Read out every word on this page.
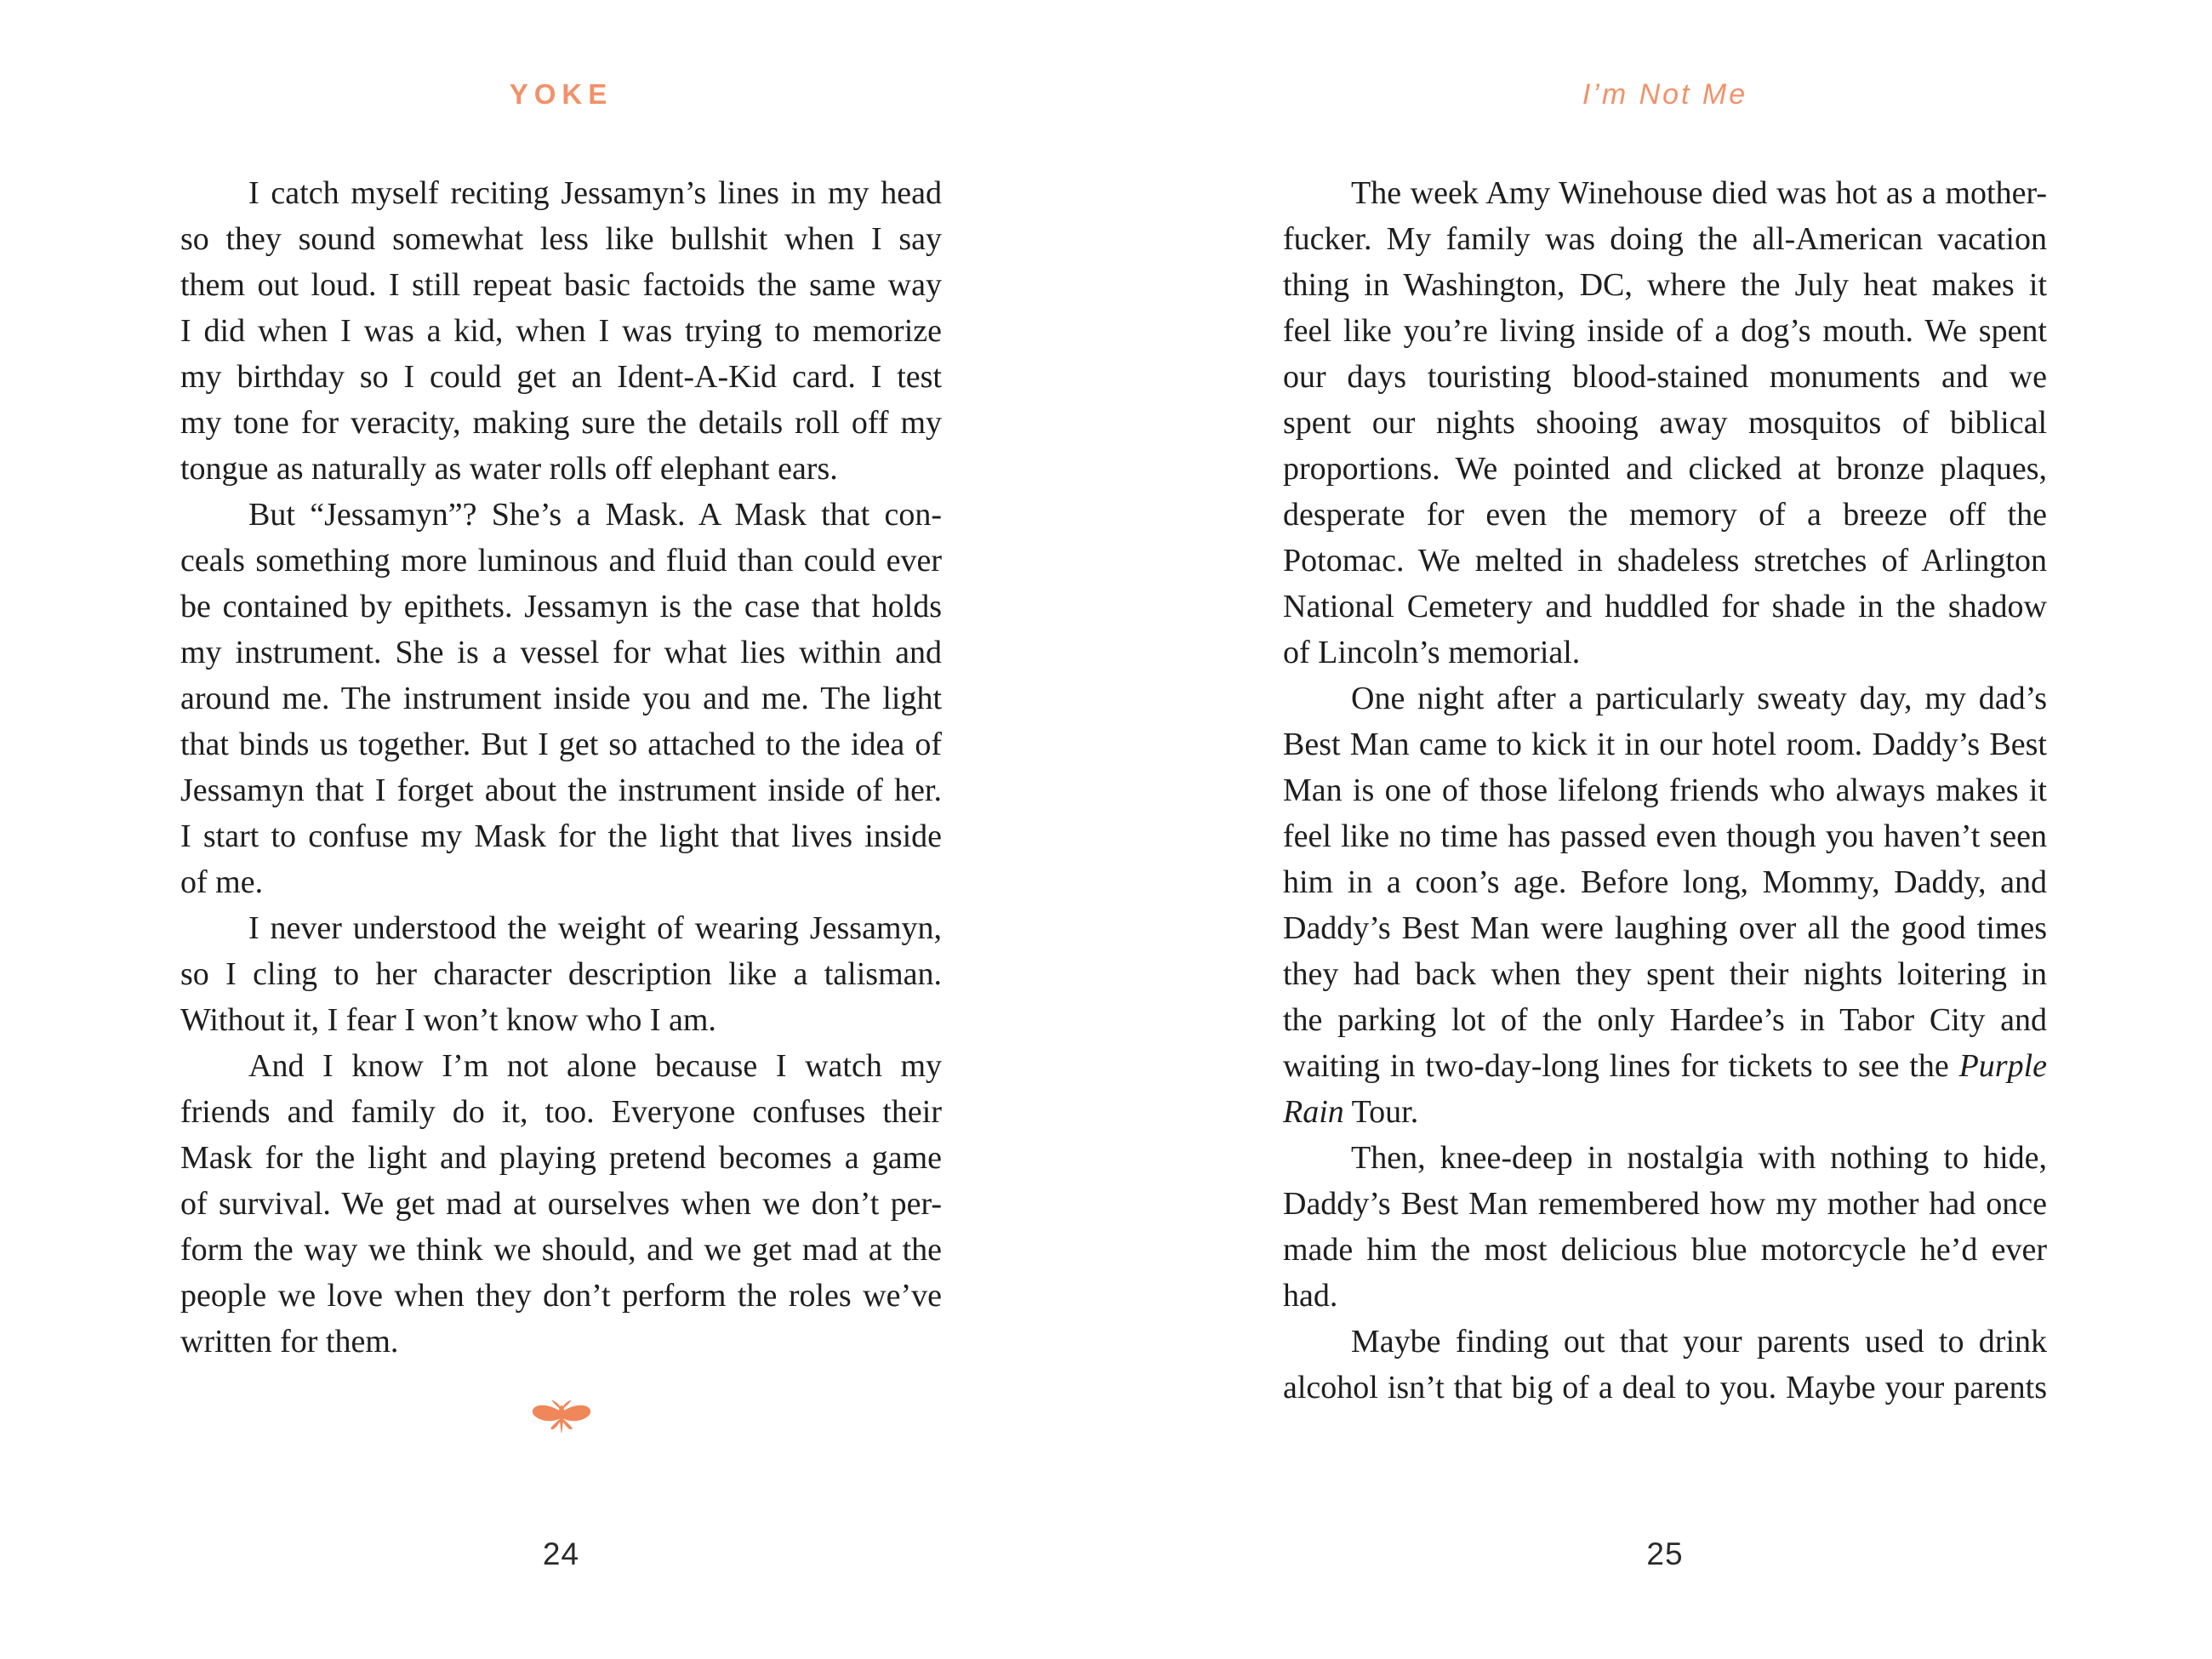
YOKE
I catch myself reciting Jessamyn’s lines in my head
so they sound somewhat less like bullshit when I say
them out loud. I still repeat basic factoids the same way
I did when I was a kid, when I was trying to memorize
my birthday so I could get an Ident-A-Kid card. I test
my tone for veracity, making sure the details roll off my
tongue as naturally as water rolls off elephant ears.
But “Jessamyn”? She’s a Mask. A Mask that con-
ceals something more luminous and fluid than could ever
be contained by epithets. Jessamyn is the case that holds
my instrument. She is a vessel for what lies within and
around me. The instrument inside you and me. The light
that binds us together. But I get so attached to the idea of
Jessamyn that I forget about the instrument inside of her.
I start to confuse my Mask for the light that lives inside
of me.
I never understood the weight of wearing Jessamyn,
so I cling to her character description like a talisman.
Without it, I fear I won’t know who I am.
And I know I’m not alone because I watch my
friends and family do it, too. Everyone confuses their
Mask for the light and playing pretend becomes a game
of survival. We get mad at ourselves when we don’t per-
form the way we think we should, and we get mad at the
people we love when they don’t perform the roles we’ve
written for them.
24
I’m Not Me
The week Amy Winehouse died was hot as a mother-
fucker. My family was doing the all-American vacation
thing in Washington, DC, where the July heat makes it
feel like you’re living inside of a dog’s mouth. We spent
our days touristing blood-stained monuments and we
spent our nights shooing away mosquitos of biblical
proportions. We pointed and clicked at bronze plaques,
desperate for even the memory of a breeze off the
Potomac. We melted in shadeless stretches of Arlington
National Cemetery and huddled for shade in the shadow
of Lincoln’s memorial.
One night after a particularly sweaty day, my dad’s
Best Man came to kick it in our hotel room. Daddy’s Best
Man is one of those lifelong friends who always makes it
feel like no time has passed even though you haven’t seen
him in a coon’s age. Before long, Mommy, Daddy, and
Daddy’s Best Man were laughing over all the good times
they had back when they spent their nights loitering in
the parking lot of the only Hardee’s in Tabor City and
waiting in two-day-long lines for tickets to see the Purple
Rain Tour.
Then, knee-deep in nostalgia with nothing to hide,
Daddy’s Best Man remembered how my mother had once
made him the most delicious blue motorcycle he’d ever
had.
Maybe finding out that your parents used to drink
alcohol isn’t that big of a deal to you. Maybe your parents
25
